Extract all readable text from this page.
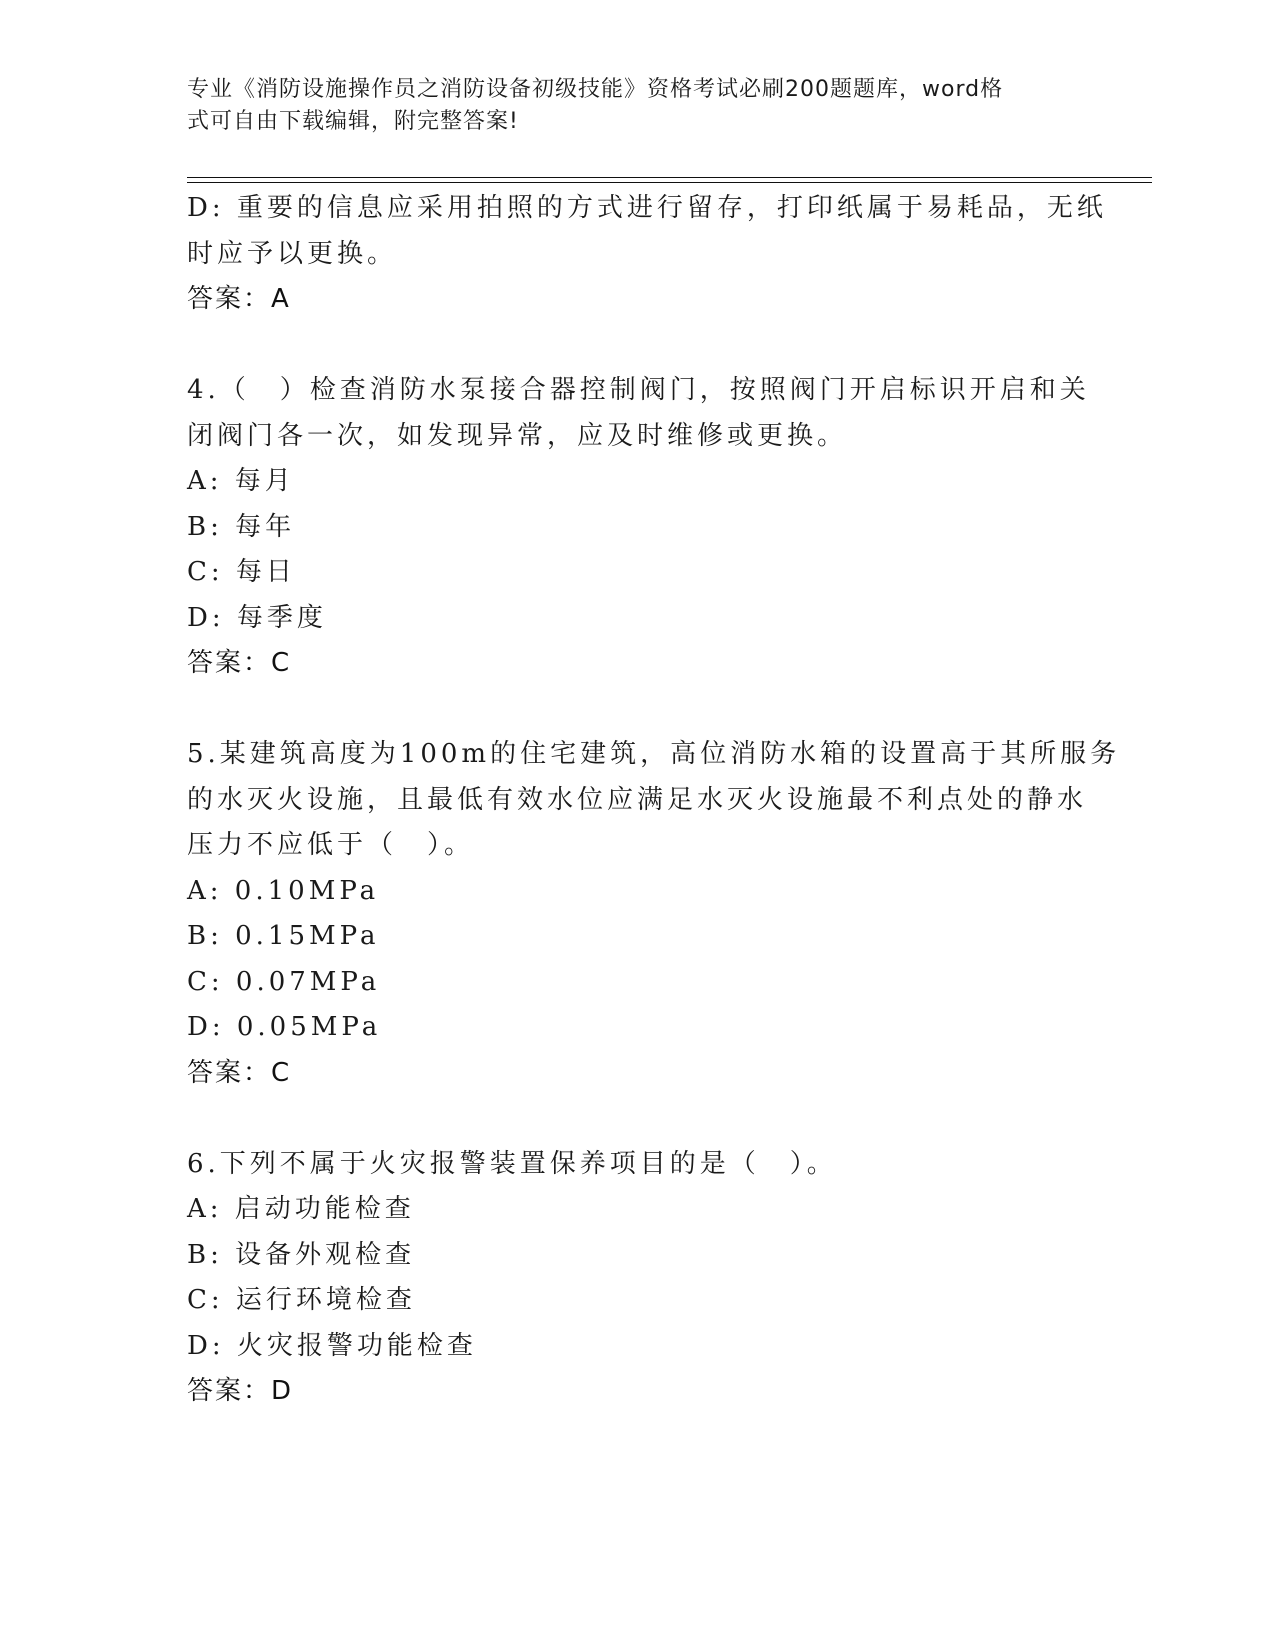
专业《消防设施操作员之消防设备初级技能》资格考试必刷200题题库，word格
式可自由下载编辑，附完整答案!
D: 重要的信息应采用拍照的方式进行留存，打印纸属于易耗品，无纸
时应予以更换。
答案：A
4.（　）检查消防水泵接合器控制阀门，按照阀门开启标识开启和关
闭阀门各一次，如发现异常，应及时维修或更换。
A: 每月
B: 每年
C: 每日
D: 每季度
答案：C
5.某建筑高度为100m的住宅建筑，高位消防水箱的设置高于其所服务
的水灭火设施，且最低有效水位应满足水灭火设施最不利点处的静水
压力不应低于（　）。
A: 0.10MPa
B: 0.15MPa
C: 0.07MPa
D: 0.05MPa
答案：C
6.下列不属于火灾报警装置保养项目的是（　）。
A: 启动功能检查
B: 设备外观检查
C: 运行环境检查
D: 火灾报警功能检查
答案：D
